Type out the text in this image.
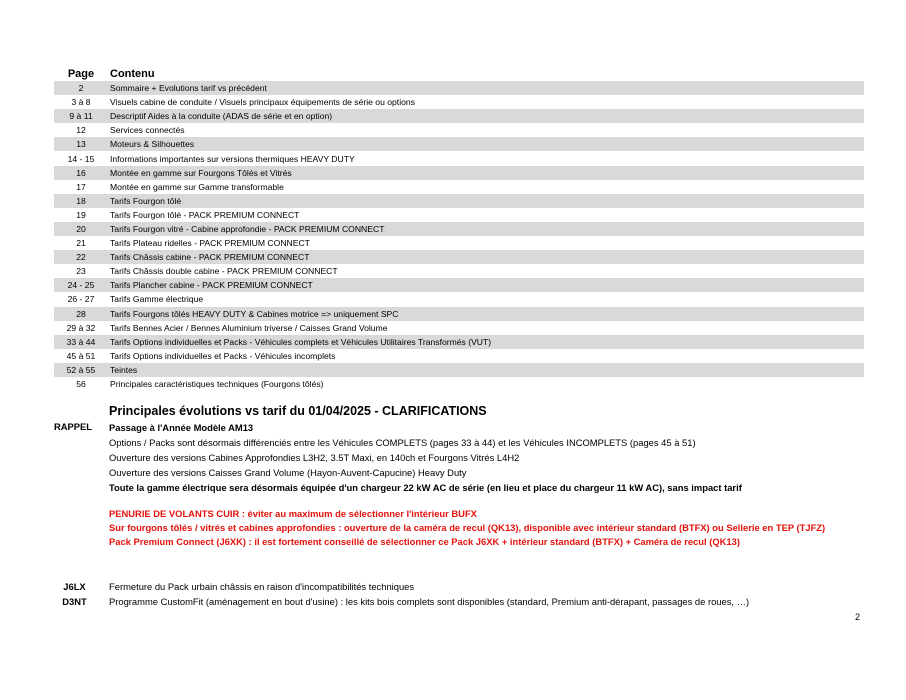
Page	Contenu
2	Sommaire + Evolutions tarif vs précédent
3 à 8	Visuels cabine de conduite / Visuels principaux équipements de série ou options
9 à 11	Descriptif Aides à la conduite (ADAS de série et en option)
12	Services connectés
13	Moteurs & Silhouettes
14 - 15	Informations importantes sur versions thermiques HEAVY DUTY
16	Montée en gamme sur Fourgons Tôlés et Vitrés
17	Montée en gamme sur Gamme transformable
18	Tarifs Fourgon tôlé
19	Tarifs Fourgon tôlé - PACK PREMIUM CONNECT
20	Tarifs Fourgon vitré - Cabine approfondie - PACK PREMIUM CONNECT
21	Tarifs Plateau ridelles - PACK PREMIUM CONNECT
22	Tarifs Châssis cabine - PACK PREMIUM CONNECT
23	Tarifs Châssis double cabine - PACK PREMIUM CONNECT
24 - 25	Tarifs Plancher cabine - PACK PREMIUM CONNECT
26 - 27	Tarifs Gamme électrique
28	Tarifs Fourgons tôlés HEAVY DUTY & Cabines motrice => uniquement SPC
29 à 32	Tarifs Bennes Acier / Bennes Aluminium triverse / Caisses Grand Volume
33 à 44	Tarifs Options individuelles et Packs - Véhicules complets et Véhicules Utilitaires Transformés (VUT)
45 à 51	Tarifs Options individuelles et Packs - Véhicules incomplets
52 à 55	Teintes
56	Principales caractéristiques techniques (Fourgons tôlés)
RAPPEL
Principales évolutions vs tarif du 01/04/2025 - CLARIFICATIONS
Passage à l'Année Modèle AM13
Options / Packs sont désormais différenciés entre les Véhicules COMPLETS (pages 33 à 44) et les Véhicules INCOMPLETS (pages 45 à 51)
Ouverture des versions Cabines Approfondies L3H2, 3.5T Maxi, en 140ch et Fourgons Vitrés L4H2
Ouverture des versions Caisses Grand Volume (Hayon-Auvent-Capucine) Heavy Duty
Toute la gamme électrique sera désormais équipée d'un chargeur 22 kW AC de série (en lieu et place du chargeur 11 kW AC), sans impact tarif
PENURIE DE VOLANTS CUIR : éviter au maximum de sélectionner l'intérieur BUFX
Sur fourgons tôlés / vitrés et cabines approfondies : ouverture de la caméra de recul (QK13), disponible avec intérieur standard (BTFX) ou Sellerie en TEP (TJFZ)
Pack Premium Connect (J6XK) : il est fortement conseillé de sélectionner ce Pack J6XK + intérieur standard (BTFX) + Caméra de recul (QK13)
J6LX	Fermeture du Pack urbain châssis en raison d'incompatibilités techniques
D3NT	Programme CustomFit (aménagement en bout d'usine) : les kits bois complets sont disponibles (standard, Premium anti-dérapant, passages de roues, …)
2
